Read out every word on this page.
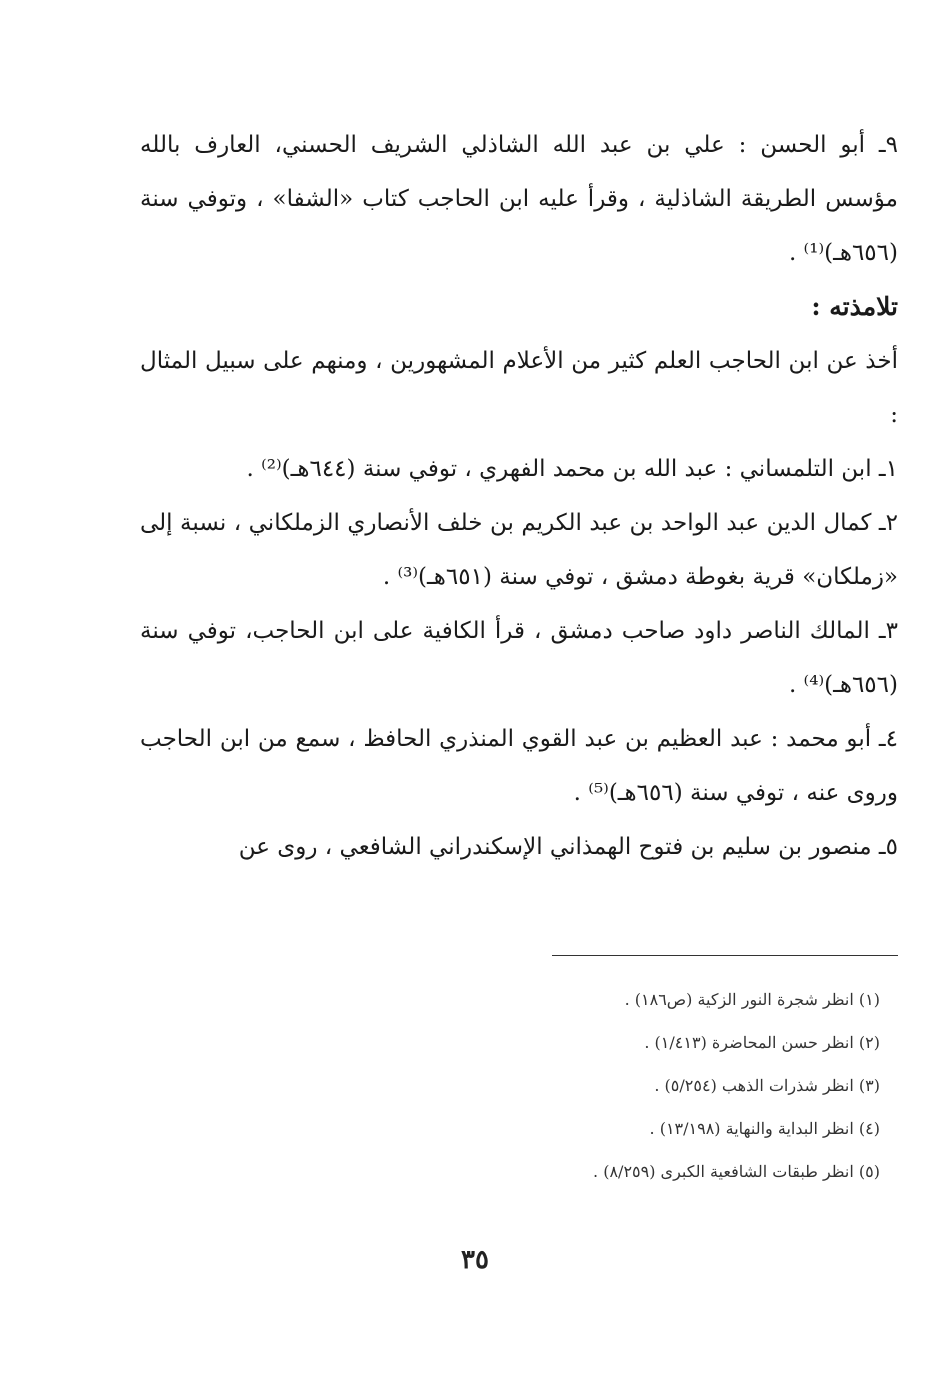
٩ـ أبو الحسن : علي بن عبد الله الشاذلي الشريف الحسني، العارف بالله مؤسس الطريقة الشاذلية ، وقرأ عليه ابن الحاجب كتاب «الشفا» ، وتوفي سنة (٦٥٦هـ)⁽¹⁾ .

تلامذته :

أخذ عن ابن الحاجب العلم كثير من الأعلام المشهورين ، ومنهم على سبيل المثال :

١ـ ابن التلمساني : عبد الله بن محمد الفهري ، توفي سنة (٦٤٤هـ)⁽²⁾ .

٢ـ كمال الدين عبد الواحد بن عبد الكريم بن خلف الأنصاري الزملكاني ، نسبة إلى «زملكان» قرية بغوطة دمشق ، توفي سنة (٦٥١هـ)⁽³⁾ .

٣ـ المالك الناصر داود صاحب دمشق ، قرأ الكافية على ابن الحاجب، توفي سنة (٦٥٦هـ)⁽⁴⁾ .

٤ـ أبو محمد : عبد العظيم بن عبد القوي المنذري الحافظ ، سمع من ابن الحاجب وروى عنه ، توفي سنة (٦٥٦هـ)⁽⁵⁾ .

٥ـ منصور بن سليم بن فتوح الهمذاني الإسكندراني الشافعي ، روى عن

(١) انظر شجرة النور الزكية (ص١٨٦) .
(٢) انظر حسن المحاضرة (١/٤١٣) .
(٣) انظر شذرات الذهب (٥/٢٥٤) .
(٤) انظر البداية والنهاية (١٣/١٩٨) .
(٥) انظر طبقات الشافعية الكبرى (٨/٢٥٩) .
٣٥
